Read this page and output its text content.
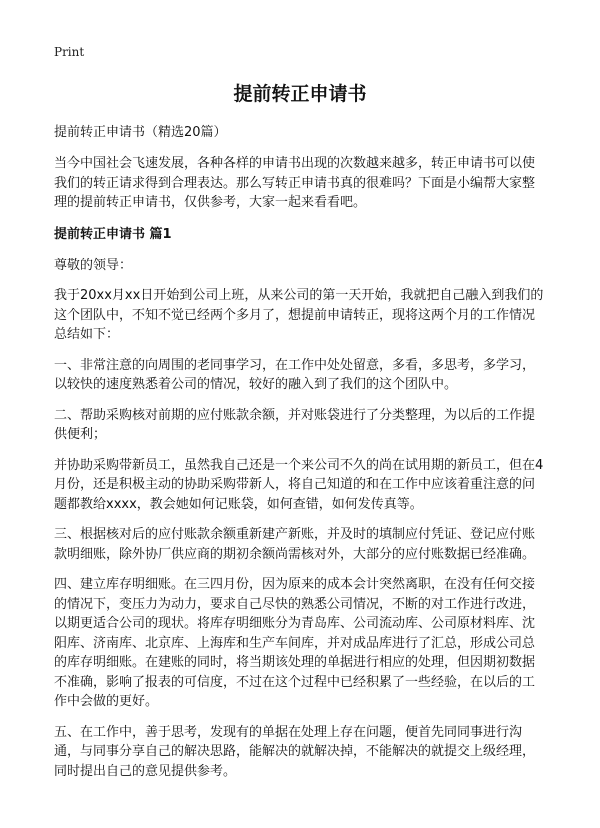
Print

提前转正申请书

提前转正申请书（精选20篇）

当今中国社会飞速发展，各种各样的申请书出现的次数越来越多，转正申请书可以使我们的转正请求得到合理表达。那么写转正申请书真的很难吗？下面是小编帮大家整理的提前转正申请书，仅供参考，大家一起来看看吧。

提前转正申请书 篇1

尊敬的领导：

我于20xx月xx日开始到公司上班，从来公司的第一天开始，我就把自己融入到我们的这个团队中，不知不觉已经两个多月了，想提前申请转正，现将这两个月的工作情况总结如下：

一、非常注意的向周围的老同事学习，在工作中处处留意，多看，多思考，多学习，以较快的速度熟悉着公司的情况，较好的融入到了我们的这个团队中。

二、帮助采购核对前期的应付账款余额，并对账袋进行了分类整理，为以后的工作提供便利；

并协助采购带新员工，虽然我自己还是一个来公司不久的尚在试用期的新员工，但在4月份，还是积极主动的协助采购带新人，将自己知道的和在工作中应该着重注意的问题都教给xxxx，教会她如何记账袋，如何查错，如何发传真等。

三、根据核对后的应付账款余额重新建产新账，并及时的填制应付凭证、登记应付账款明细账，除外协厂供应商的期初余额尚需核对外，大部分的应付账数据已经准确。

四、建立库存明细账。在三四月份，因为原来的成本会计突然离职，在没有任何交接的情况下，变压力为动力，要求自己尽快的熟悉公司情况，不断的对工作进行改进，以期更适合公司的现状。将库存明细账分为青岛库、公司流动库、公司原材料库、沈阳库、济南库、北京库、上海库和生产车间库，并对成品库进行了汇总，形成公司总的库存明细账。在建账的同时，将当期该处理的单据进行相应的处理，但因期初数据不准确，影响了报表的可信度，不过在这个过程中已经积累了一些经验，在以后的工作中会做的更好。

五、在工作中，善于思考，发现有的单据在处理上存在问题，便首先同同事进行沟通，与同事分享自己的解决思路，能解决的就解决掉，不能解决的就提交上级经理，同时提出自己的意见提供参考。
